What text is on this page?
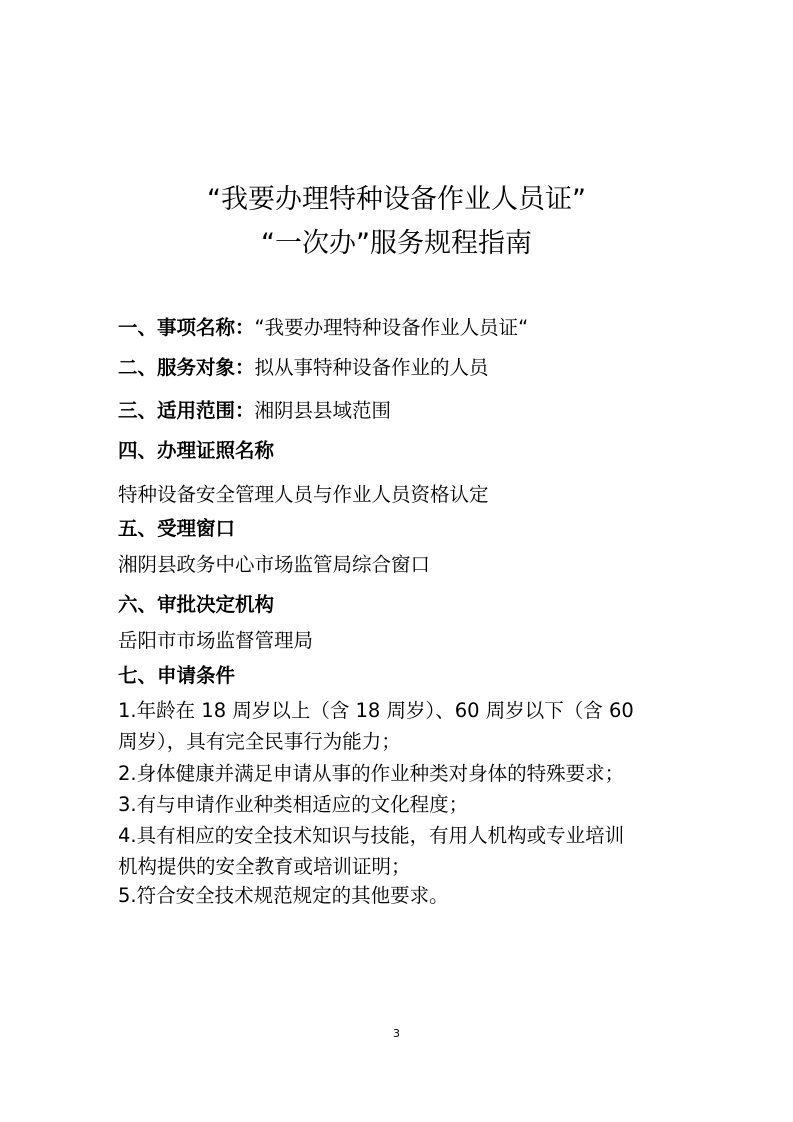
“我要办理特种设备作业人员证”
“一次办”服务规程指南
一、事项名称：“我要办理特种设备作业人员证“
二、服务对象：拟从事特种设备作业的人员
三、适用范围：湘阴县县域范围
四、办理证照名称
特种设备安全管理人员与作业人员资格认定
五、受理窗口
湘阴县政务中心市场监管局综合窗口
六、审批决定机构
岳阳市市场监督管理局
七、申请条件
1.年龄在 18 周岁以上（含 18 周岁）、60 周岁以下（含 60
周岁），具有完全民事行为能力；
2.身体健康并满足申请从事的作业种类对身体的特殊要求；
3.有与申请作业种类相适应的文化程度；
4.具有相应的安全技术知识与技能，有用人机构或专业培训
机构提供的安全教育或培训证明；
5.符合安全技术规范规定的其他要求。
3
